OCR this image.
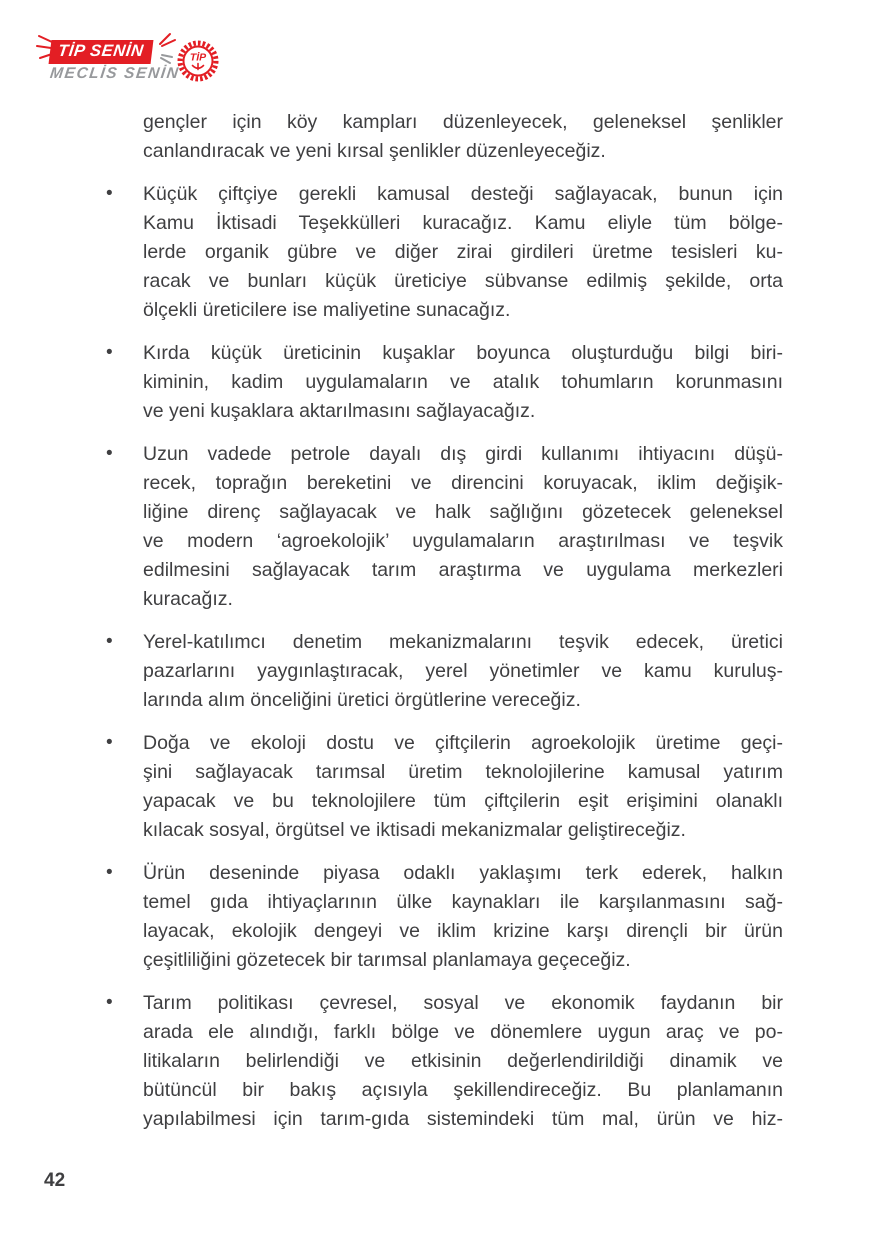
TİP SENİN
MECLİS SENİN
TİP
gençler için köy kampları düzenleyecek, geleneksel şenlikler
canlandıracak ve yeni kırsal şenlikler düzenleyeceğiz.
• Küçük çiftçiye gerekli kamusal desteği sağlayacak, bunun için
Kamu İktisadi Teşekkülleri kuracağız. Kamu eliyle tüm bölge-
lerde organik gübre ve diğer zirai girdileri üretme tesisleri ku-
racak ve bunları küçük üreticiye sübvanse edilmiş şekilde, orta
ölçekli üreticilere ise maliyetine sunacağız.
• Kırda küçük üreticinin kuşaklar boyunca oluşturduğu bilgi biri-
kiminin, kadim uygulamaların ve atalık tohumların korunmasını
ve yeni kuşaklara aktarılmasını sağlayacağız.
• Uzun vadede petrole dayalı dış girdi kullanımı ihtiyacını düşü-
recek, toprağın bereketini ve direncini koruyacak, iklim değişik-
liğine direnç sağlayacak ve halk sağlığını gözetecek geleneksel
ve modern ‘agroekolojik’ uygulamaların araştırılması ve teşvik
edilmesini sağlayacak tarım araştırma ve uygulama merkezleri
kuracağız.
• Yerel-katılımcı denetim mekanizmalarını teşvik edecek, üretici
pazarlarını yaygınlaştıracak, yerel yönetimler ve kamu kuruluş-
larında alım önceliğini üretici örgütlerine vereceğiz.
• Doğa ve ekoloji dostu ve çiftçilerin agroekolojik üretime geçi-
şini sağlayacak tarımsal üretim teknolojilerine kamusal yatırım
yapacak ve bu teknolojilere tüm çiftçilerin eşit erişimini olanaklı
kılacak sosyal, örgütsel ve iktisadi mekanizmalar geliştireceğiz.
• Ürün deseninde piyasa odaklı yaklaşımı terk ederek, halkın
temel gıda ihtiyaçlarının ülke kaynakları ile karşılanmasını sağ-
layacak, ekolojik dengeyi ve iklim krizine karşı dirençli bir ürün
çeşitliliğini gözetecek bir tarımsal planlamaya geçeceğiz.
• Tarım politikası çevresel, sosyal ve ekonomik faydanın bir
arada ele alındığı, farklı bölge ve dönemlere uygun araç ve po-
litikaların belirlendiği ve etkisinin değerlendirildiği dinamik ve
bütüncül bir bakış açısıyla şekillendireceğiz. Bu planlamanın
yapılabilmesi için tarım-gıda sistemindeki tüm mal, ürün ve hiz-
42
